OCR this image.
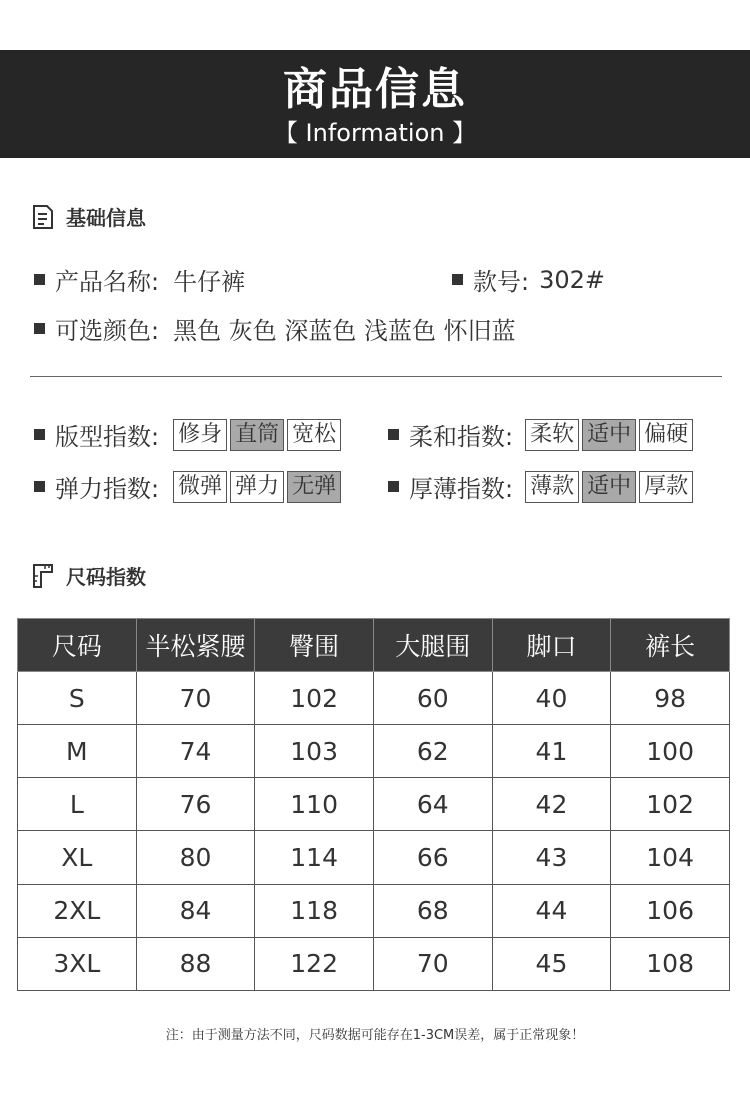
商品信息
【 Information 】
基础信息
产品名称: 牛仔裤	款号: 302#
可选颜色: 黑色 灰色 深蓝色 浅蓝色 怀旧蓝
版型指数: 修身 直筒 宽松	柔和指数: 柔软 适中 偏硬
弹力指数: 微弹 弹力 无弹	厚薄指数: 薄款 适中 厚款
尺码指数
尺码	半松紧腰	臀围	大腿围	脚口	裤长
S	70	102	60	40	98
M	74	103	62	41	100
L	76	110	64	42	102
XL	80	114	66	43	104
2XL	84	118	68	44	106
3XL	88	122	70	45	108
注：由于测量方法不同，尺码数据可能存在1-3CM误差，属于正常现象！
